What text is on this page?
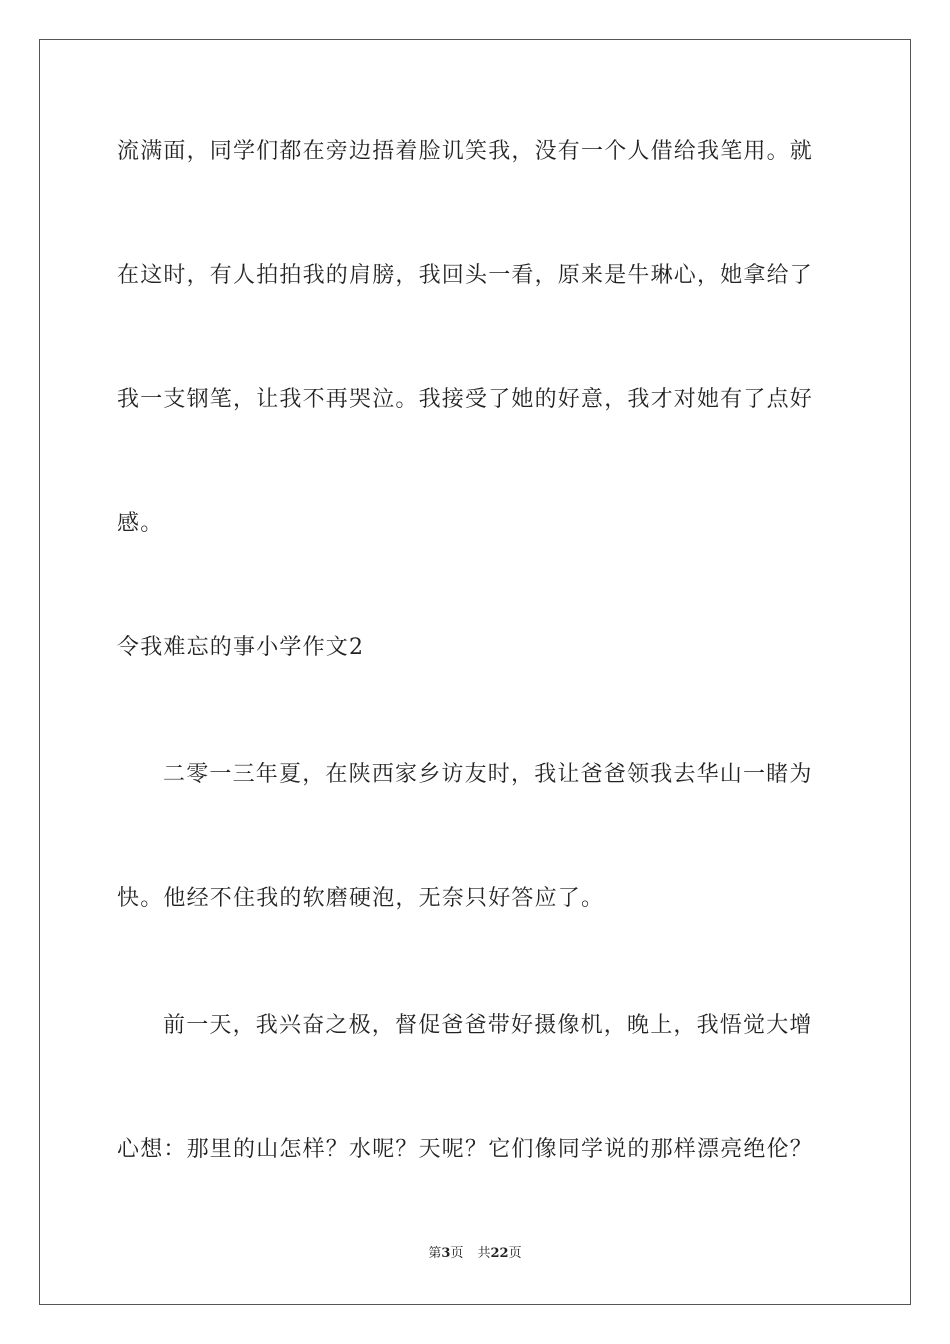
流满面，同学们都在旁边捂着脸讥笑我，没有一个人借给我笔用。就
在这时，有人拍拍我的肩膀，我回头一看，原来是牛琳心，她拿给了
我一支钢笔，让我不再哭泣。我接受了她的好意，我才对她有了点好
感。
令我难忘的事小学作文2
二零一三年夏，在陕西家乡访友时，我让爸爸领我去华山一睹为
快。他经不住我的软磨硬泡，无奈只好答应了。
前一天，我兴奋之极，督促爸爸带好摄像机，晚上，我悟觉大增
心想：那里的山怎样？水呢？天呢？它们像同学说的那样漂亮绝伦？
第3页 共22页
